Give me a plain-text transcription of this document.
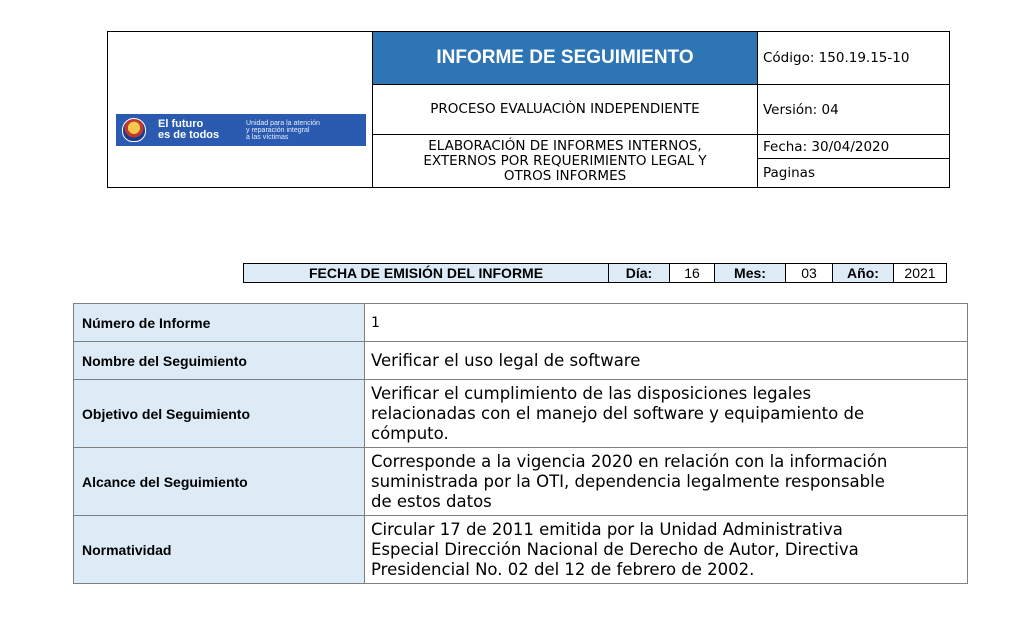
El futuro
es de todos
Unidad para la atención
y reparación integral
a las víctimas	INFORME DE SEGUIMIENTO	Código: 150.19.15-10
	PROCESO EVALUACIÒN INDEPENDIENTE	Versión: 04
	ELABORACIÓN DE INFORMES INTERNOS,
EXTERNOS POR REQUERIMIENTO LEGAL Y
OTROS INFORMES	Fecha: 30/04/2020
		Paginas
FECHA DE EMISIÓN DEL INFORME	Día:	16	Mes:	03	Año:	2021
Número de Informe	1
Nombre del Seguimiento	Verificar el uso legal de software
Objetivo del Seguimiento	Verificar el cumplimiento de las disposiciones legales
relacionadas con el manejo del software y equipamiento de
cómputo.
Alcance del Seguimiento	Corresponde a la vigencia 2020 en relación con la información
suministrada por la OTI, dependencia legalmente responsable
de estos datos
Normatividad	Circular 17 de 2011 emitida por la Unidad Administrativa
Especial Dirección Nacional de Derecho de Autor, Directiva
Presidencial No. 02 del 12 de febrero de 2002.
